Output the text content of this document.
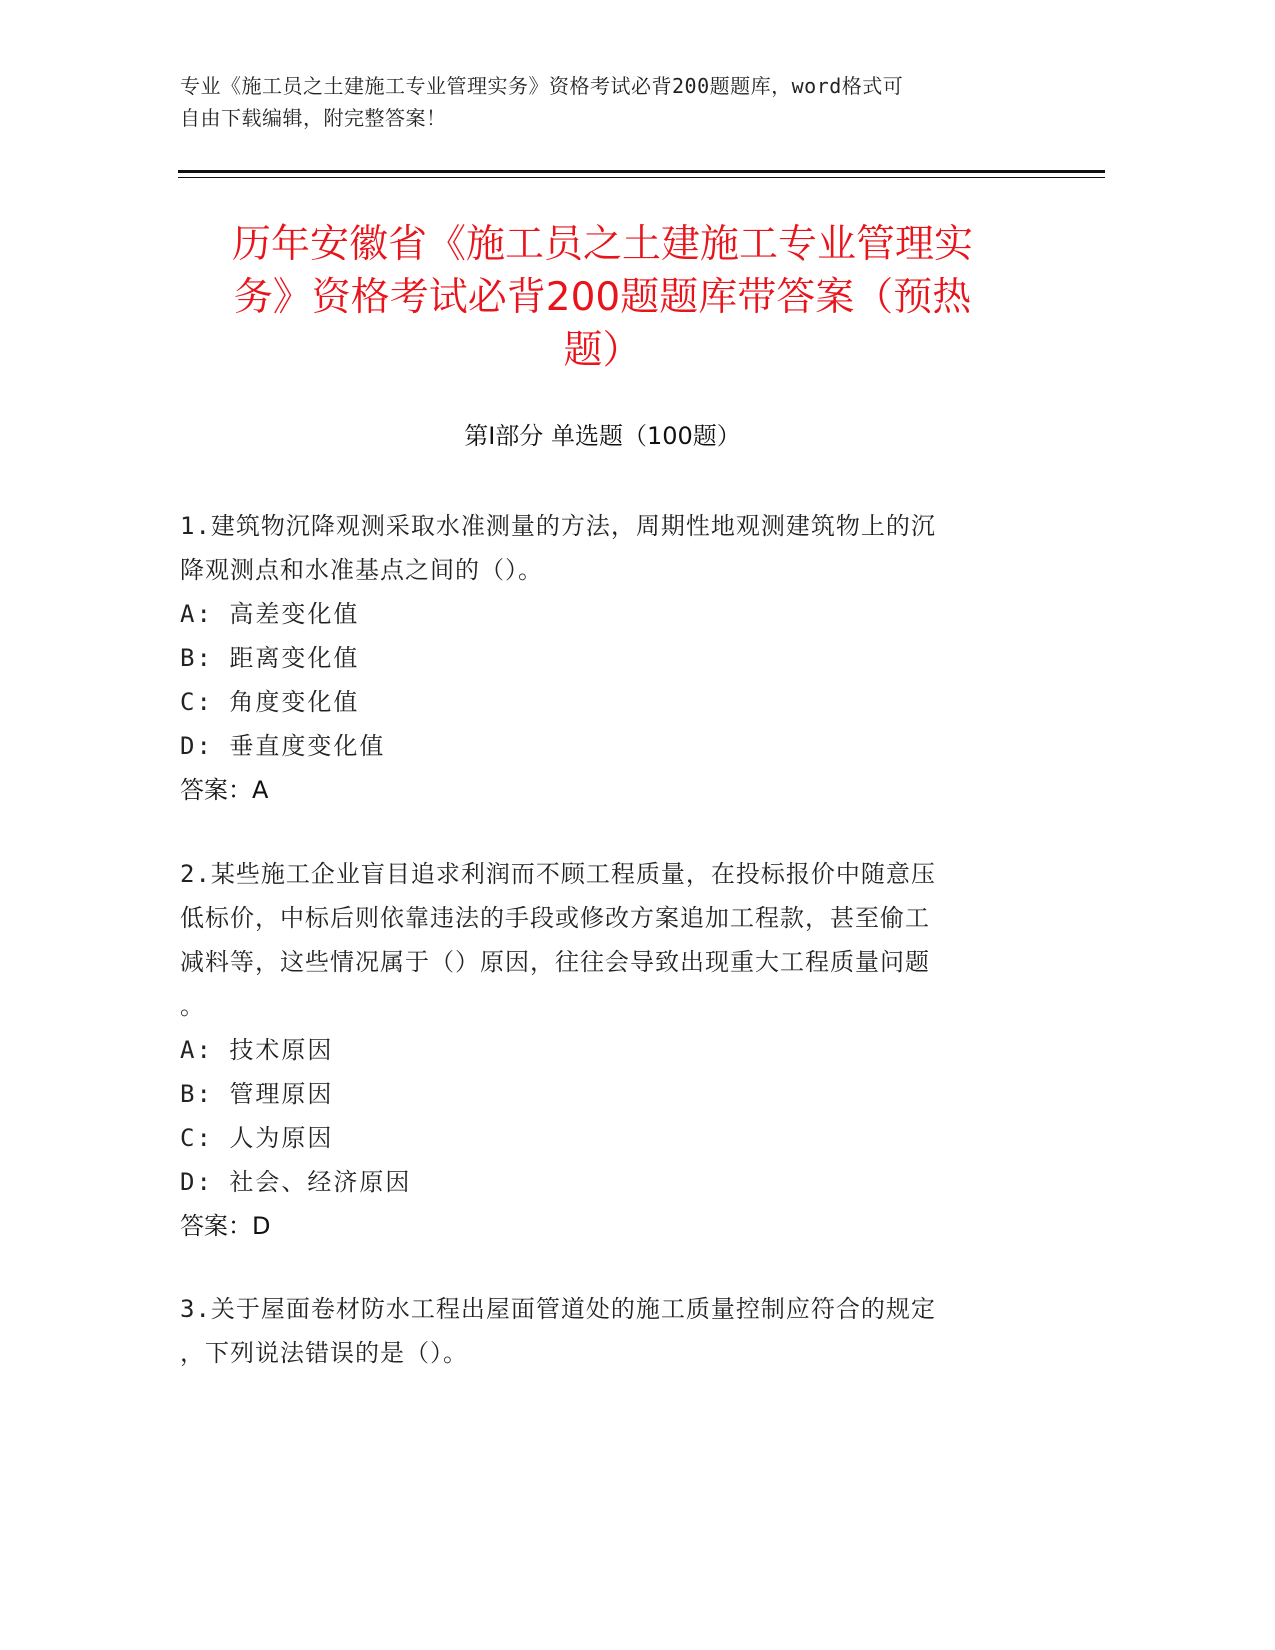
专业《施工员之土建施工专业管理实务》资格考试必背200题题库，word格式可
自由下载编辑，附完整答案！
历年安徽省《施工员之土建施工专业管理实
务》资格考试必背200题题库带答案（预热
题）
第I部分 单选题（100题）
1.建筑物沉降观测采取水准测量的方法，周期性地观测建筑物上的沉
降观测点和水准基点之间的（）。
A: 高差变化值
B: 距离变化值
C: 角度变化值
D: 垂直度变化值
答案：A
2.某些施工企业盲目追求利润而不顾工程质量，在投标报价中随意压
低标价，中标后则依靠违法的手段或修改方案追加工程款，甚至偷工
减料等，这些情况属于（）原因，往往会导致出现重大工程质量问题
。
A: 技术原因
B: 管理原因
C: 人为原因
D: 社会、经济原因
答案：D
3.关于屋面卷材防水工程出屋面管道处的施工质量控制应符合的规定
，下列说法错误的是（）。
